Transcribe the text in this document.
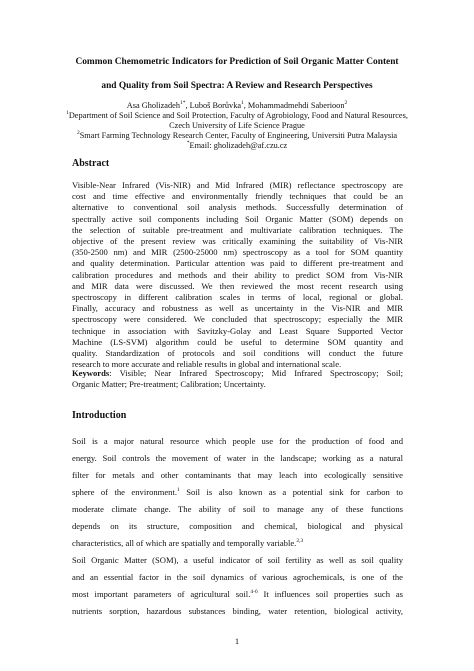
Common Chemometric Indicators for Prediction of Soil Organic Matter Content
and Quality from Soil Spectra: A Review and Research Perspectives
Asa Gholizadeh$^{1*}$, Luboš Borůvka$^1$, Mohammadmehdi Saberioon$^2$
$^1$Department of Soil Science and Soil Protection, Faculty of Agrobiology, Food and Natural Resources,
Czech University of Life Science Prague
$^2$Smart Farming Technology Research Center, Faculty of Engineering, Universiti Putra Malaysia
*Email: gholizadeh@af.czu.cz
Abstract
Visible-Near Infrared (Vis-NIR) and Mid Infrared (MIR) reflectance spectroscopy are
cost and time effective and environmentally friendly techniques that could be an
alternative to conventional soil analysis methods. Successfully determination of
spectrally active soil components including Soil Organic Matter (SOM) depends on
the selection of suitable pre-treatment and multivariate calibration techniques. The
objective of the present review was critically examining the suitability of Vis-NIR
(350-2500 nm) and MIR (2500-25000 nm) spectroscopy as a tool for SOM quantity
and quality determination. Particular attention was paid to different pre-treatment and
calibration procedures and methods and their ability to predict SOM from Vis-NIR
and MIR data were discussed. We then reviewed the most recent research using
spectroscopy in different calibration scales in terms of local, regional or global.
Finally, accuracy and robustness as well as uncertainty in the Vis-NIR and MIR
spectroscopy were considered. We concluded that spectroscopy; especially the MIR
technique in association with Savitzky-Golay and Least Square Supported Vector
Machine (LS-SVM) algorithm could be useful to determine SOM quantity and
quality. Standardization of protocols and soil conditions will conduct the future
research to more accurate and reliable results in global and international scale.
Keywords: Visible; Near Infrared Spectroscopy; Mid Infrared Spectroscopy; Soil;
Organic Matter; Pre-treatment; Calibration; Uncertainty.
Introduction
Soil is a major natural resource which people use for the production of food and
energy. Soil controls the movement of water in the landscape; working as a natural
filter for metals and other contaminants that may leach into ecologically sensitive
sphere of the environment.$^1$ Soil is also known as a potential sink for carbon to
moderate climate change. The ability of soil to manage any of these functions
depends on its structure, composition and chemical, biological and physical
characteristics, all of which are spatially and temporally variable.$^{2,3}$
Soil Organic Matter (SOM), a useful indicator of soil fertility as well as soil quality
and an essential factor in the soil dynamics of various agrochemicals, is one of the
most important parameters of agricultural soil.$^{4-6}$ It influences soil properties such as
nutrients sorption, hazardous substances binding, water retention, biological activity,
1
